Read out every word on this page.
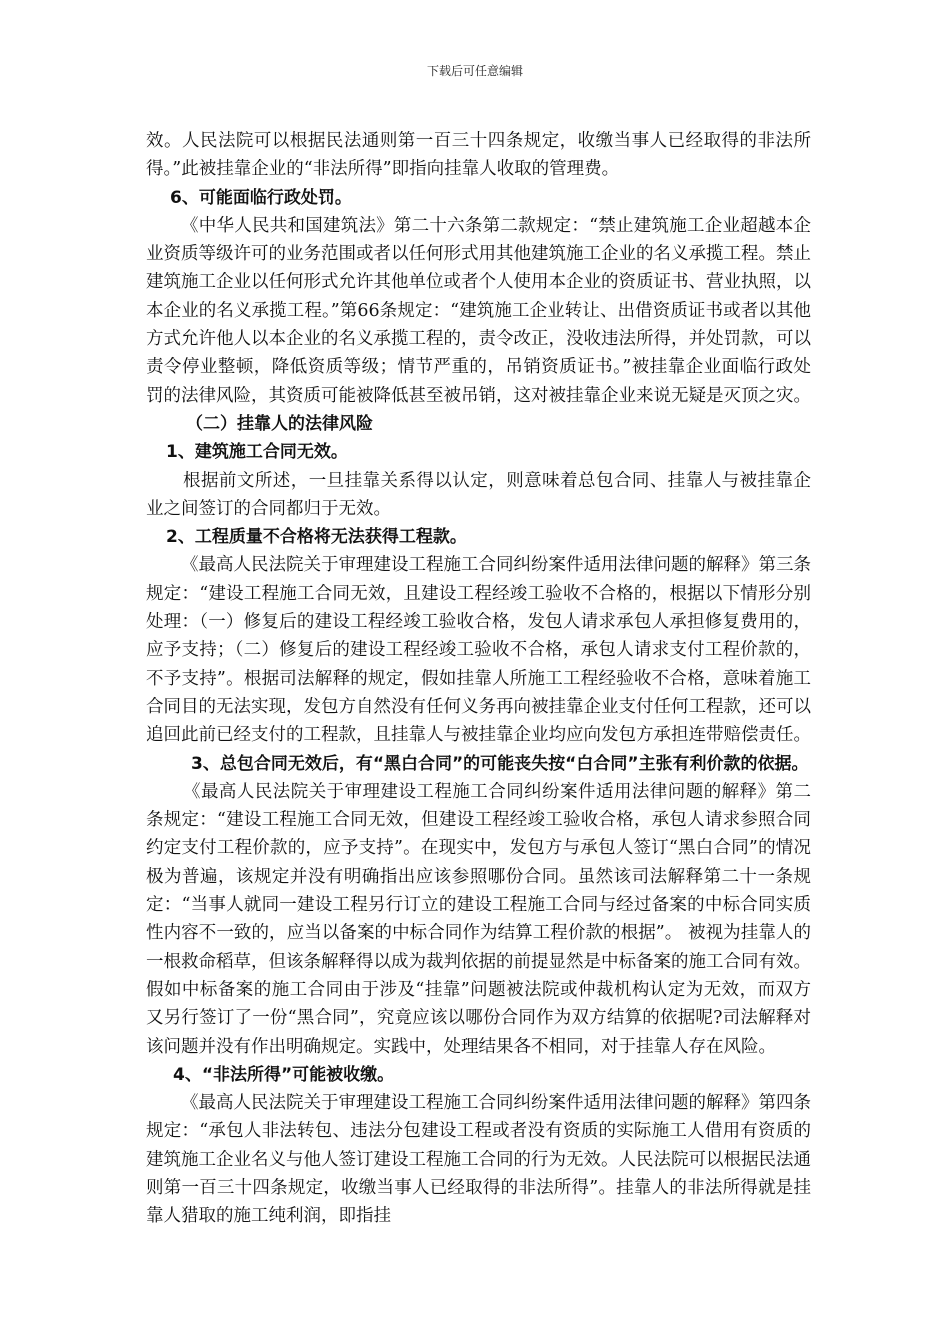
下载后可任意编辑

效。人民法院可以根据民法通则第一百三十四条规定，收缴当事人已经取得的非法所得。”此被挂靠企业的“非法所得”即指向挂靠人收取的管理费。

6、可能面临行政处罚。

《中华人民共和国建筑法》第二十六条第二款规定：“禁止建筑施工企业超越本企业资质等级许可的业务范围或者以任何形式用其他建筑施工企业的名义承揽工程。禁止建筑施工企业以任何形式允许其他单位或者个人使用本企业的资质证书、营业执照，以本企业的名义承揽工程。”第66条规定：“建筑施工企业转让、出借资质证书或者以其他方式允许他人以本企业的名义承揽工程的，责令改正，没收违法所得，并处罚款，可以责令停业整顿，降低资质等级；情节严重的，吊销资质证书。”被挂靠企业面临行政处罚的法律风险，其资质可能被降低甚至被吊销，这对被挂靠企业来说无疑是灭顶之灾。

（二）挂靠人的法律风险

1、建筑施工合同无效。

根据前文所述，一旦挂靠关系得以认定，则意味着总包合同、挂靠人与被挂靠企业之间签订的合同都归于无效。

2、工程质量不合格将无法获得工程款。

《最高人民法院关于审理建设工程施工合同纠纷案件适用法律问题的解释》第三条规定：“建设工程施工合同无效，且建设工程经竣工验收不合格的，根据以下情形分别处理：（一）修复后的建设工程经竣工验收合格，发包人请求承包人承担修复费用的，应予支持；（二）修复后的建设工程经竣工验收不合格，承包人请求支付工程价款的，不予支持”。根据司法解释的规定，假如挂靠人所施工工程经验收不合格，意味着施工合同目的无法实现，发包方自然没有任何义务再向被挂靠企业支付任何工程款，还可以追回此前已经支付的工程款，且挂靠人与被挂靠企业均应向发包方承担连带赔偿责任。

3、总包合同无效后，有“黑白合同”的可能丧失按“白合同”主张有利价款的依据。

《最高人民法院关于审理建设工程施工合同纠纷案件适用法律问题的解释》第二条规定：“建设工程施工合同无效，但建设工程经竣工验收合格，承包人请求参照合同约定支付工程价款的，应予支持”。在现实中，发包方与承包人签订“黑白合同”的情况极为普遍，该规定并没有明确指出应该参照哪份合同。虽然该司法解释第二十一条规定：“当事人就同一建设工程另行订立的建设工程施工合同与经过备案的中标合同实质性内容不一致的，应当以备案的中标合同作为结算工程价款的根据”。 被视为挂靠人的一根救命稻草，但该条解释得以成为裁判依据的前提显然是中标备案的施工合同有效。假如中标备案的施工合同由于涉及“挂靠”问题被法院或仲裁机构认定为无效，而双方又另行签订了一份“黑合同”，究竟应该以哪份合同作为双方结算的依据呢?司法解释对该问题并没有作出明确规定。实践中，处理结果各不相同，对于挂靠人存在风险。

4、“非法所得”可能被收缴。

《最高人民法院关于审理建设工程施工合同纠纷案件适用法律问题的解释》第四条规定：“承包人非法转包、违法分包建设工程或者没有资质的实际施工人借用有资质的建筑施工企业名义与他人签订建设工程施工合同的行为无效。人民法院可以根据民法通则第一百三十四条规定，收缴当事人已经取得的非法所得”。挂靠人的非法所得就是挂靠人猎取的施工纯利润，即指挂
